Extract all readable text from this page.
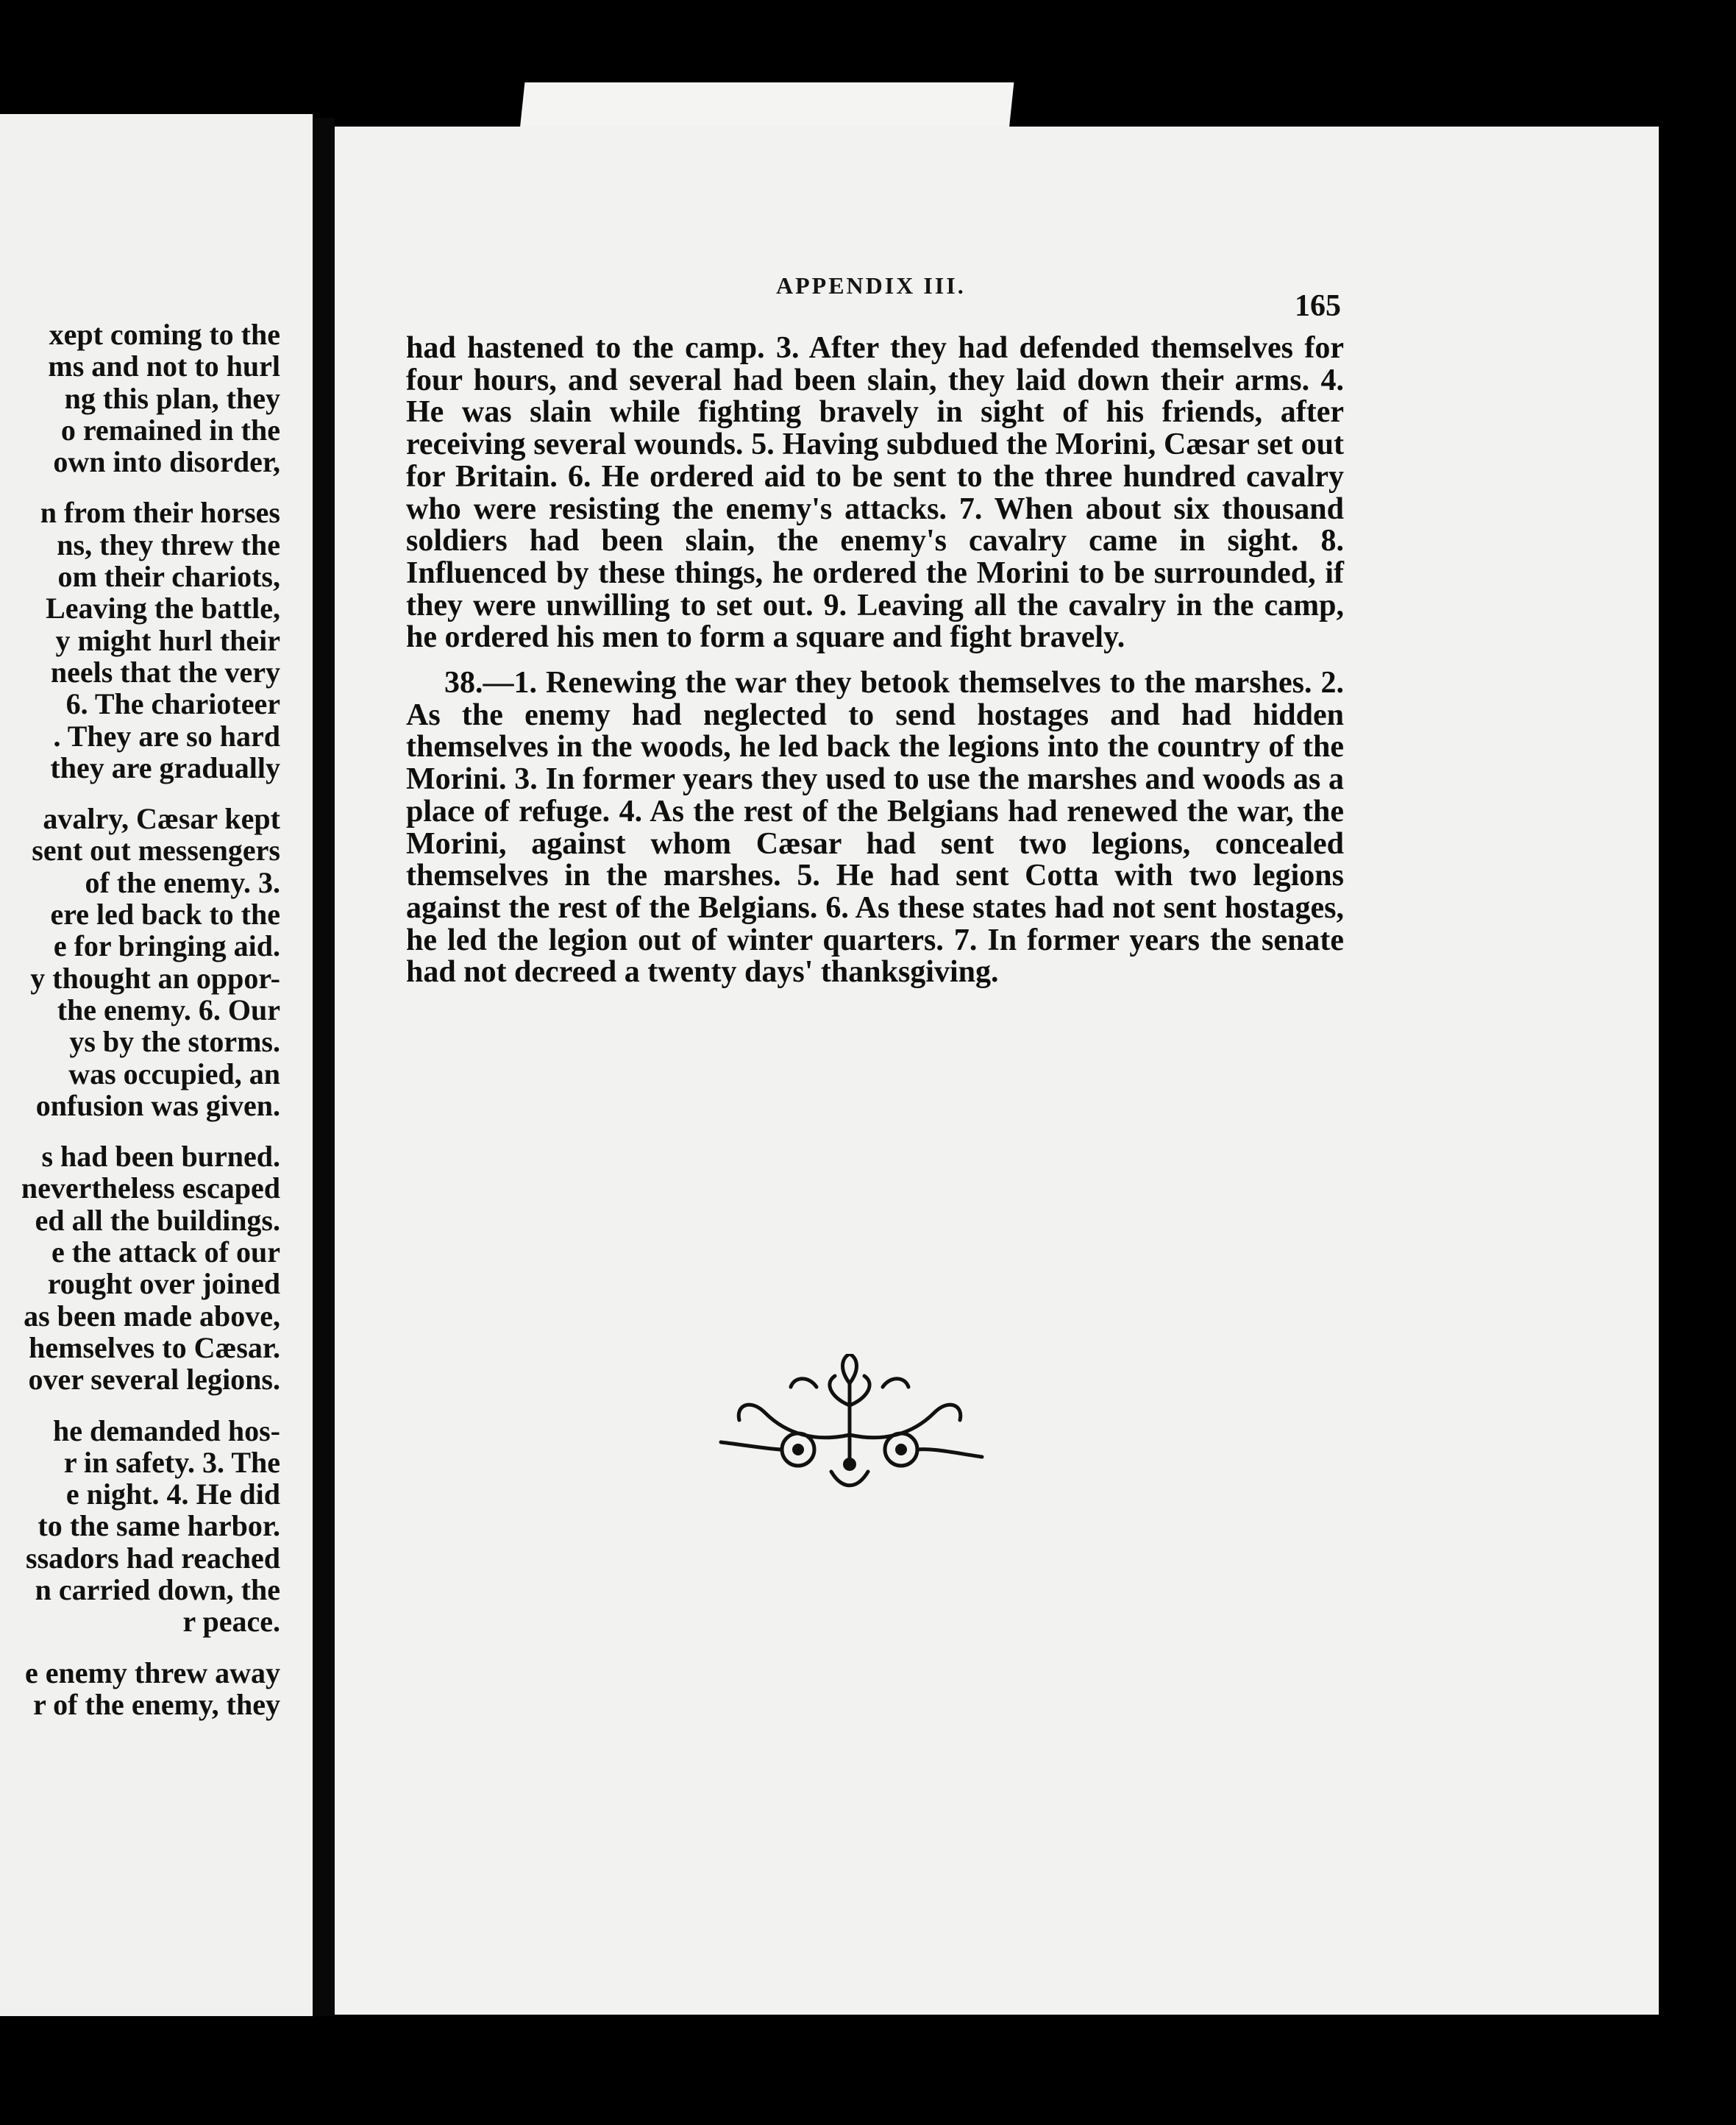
xept coming to the
ms and not to hurl
ng this plan, they
o remained in the
own into disorder,
n from their horses
ns, they threw the
om their chariots,
Leaving the battle,
y might hurl their
neels that the very
6. The charioteer
. They are so hard
they are gradually
avalry, Cæsar kept
sent out messengers
of the enemy. 3.
ere led back to the
e for bringing aid.
y thought an oppor-
the enemy. 6. Our
ys by the storms.
was occupied, an
onfusion was given.
s had been burned.
nevertheless escaped
ed all the buildings.
e the attack of our
rought over joined
as been made above,
hemselves to Cæsar.
over several legions.
he demanded hos-
r in safety. 3. The
e night. 4. He did
to the same harbor.
ssadors had reached
n carried down, the
r peace.
e enemy threw away
r of the enemy, they
APPENDIX III.
165

had hastened to the camp. 3. After they had defended themselves for four hours, and several had been slain, they laid down their arms. 4. He was slain while fighting bravely in sight of his friends, after receiving several wounds. 5. Having subdued the Morini, Cæsar set out for Britain. 6. He ordered aid to be sent to the three hundred cavalry who were resisting the enemy's attacks. 7. When about six thousand soldiers had been slain, the enemy's cavalry came in sight. 8. Influenced by these things, he ordered the Morini to be surrounded, if they were unwilling to set out. 9. Leaving all the cavalry in the camp, he ordered his men to form a square and fight bravely.

38.—1. Renewing the war they betook themselves to the marshes. 2. As the enemy had neglected to send hostages and had hidden themselves in the woods, he led back the legions into the country of the Morini. 3. In former years they used to use the marshes and woods as a place of refuge. 4. As the rest of the Belgians had renewed the war, the Morini, against whom Cæsar had sent two legions, concealed themselves in the marshes. 5. He had sent Cotta with two legions against the rest of the Belgians. 6. As these states had not sent hostages, he led the legion out of winter quarters. 7. In former years the senate had not decreed a twenty days' thanksgiving.
